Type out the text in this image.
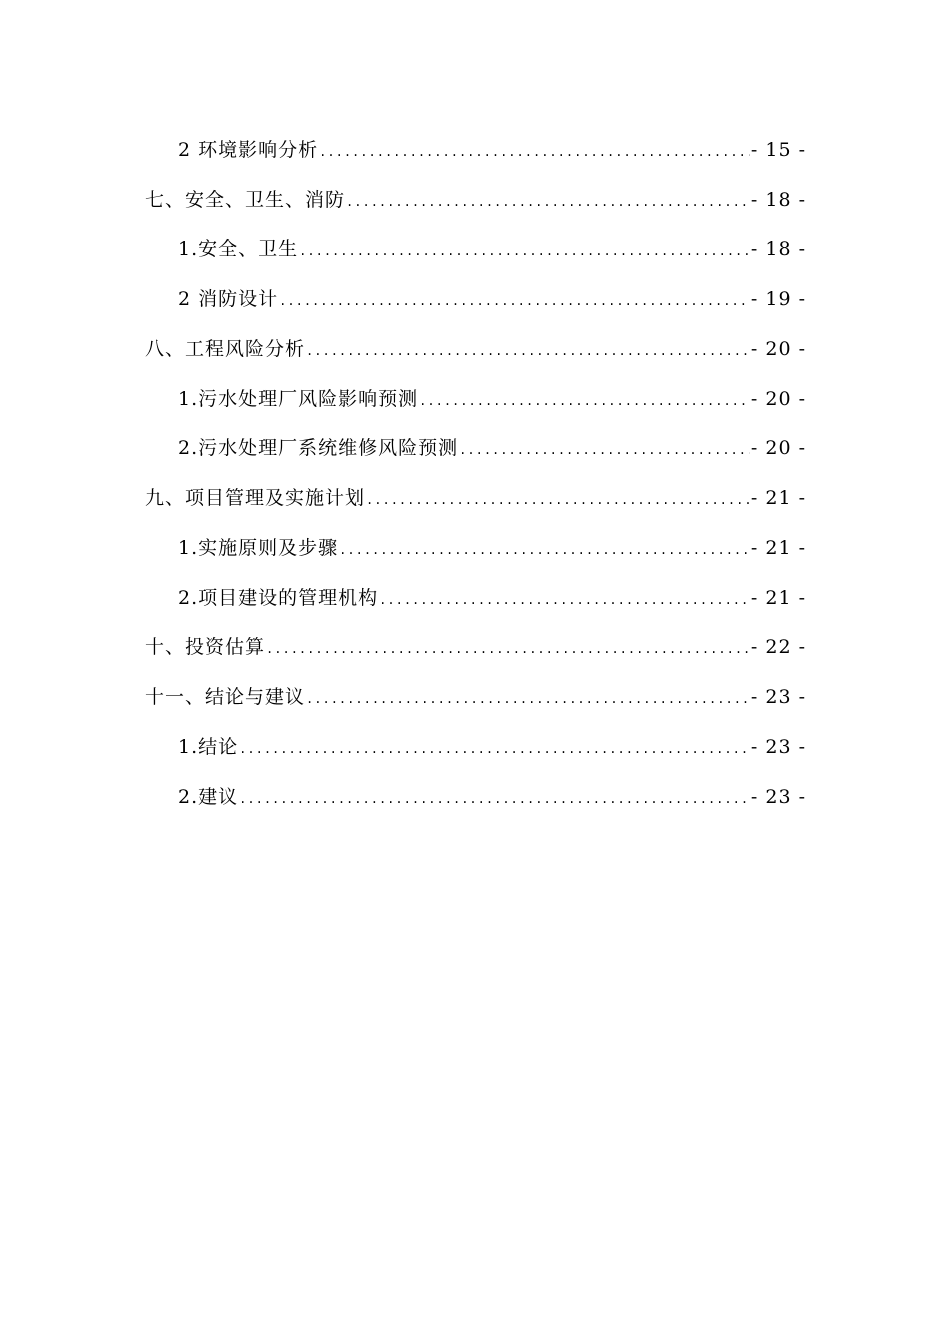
2 环境影响分析 .....	- 15 -
七、安全、卫生、消防 .....	- 18 -
1.安全、卫生 .....	- 18 -
2 消防设计 .....	- 19 -
八、工程风险分析 .....	- 20 -
1.污水处理厂风险影响预测 .....	- 20 -
2.污水处理厂系统维修风险预测 .....	- 20 -
九、项目管理及实施计划 .....	- 21 -
1.实施原则及步骤 .....	- 21 -
2.项目建设的管理机构 .....	- 21 -
十、投资估算 .....	- 22 -
十一、结论与建议 .....	- 23 -
1.结论 .....	- 23 -
2.建议 .....	- 23 -
